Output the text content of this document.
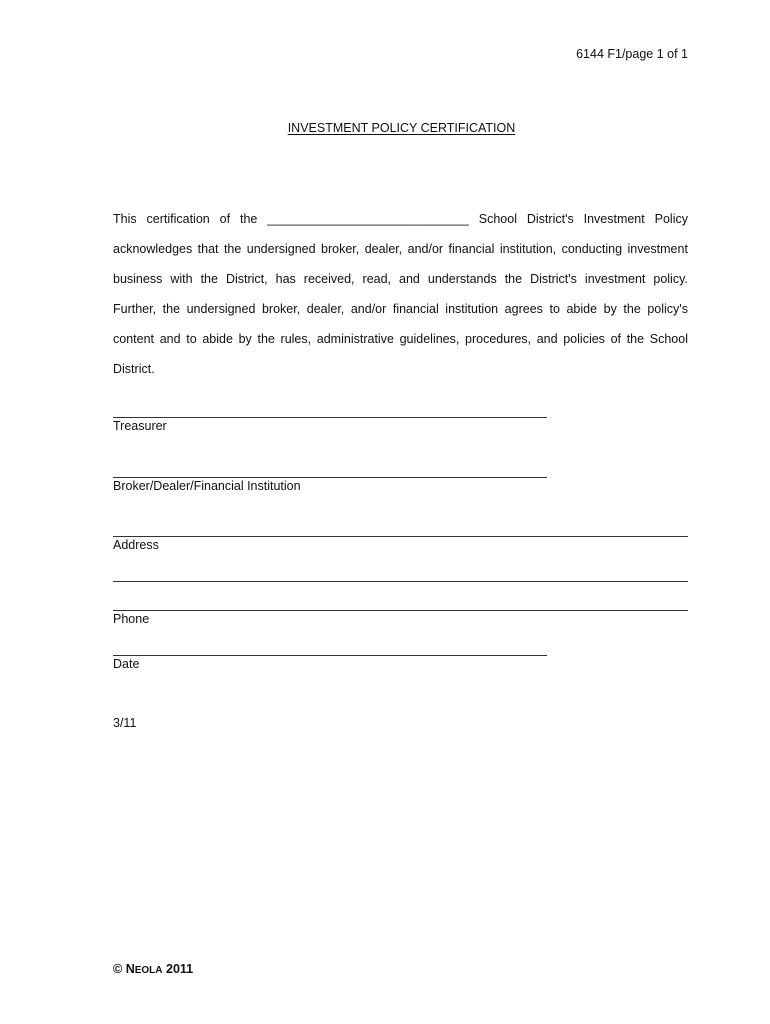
6144 F1/page 1 of 1
INVESTMENT POLICY CERTIFICATION
This certification of the _____________________________ School District's Investment Policy
acknowledges that the undersigned broker, dealer, and/or financial institution, conducting investment
business with the District, has received, read, and understands the District's investment policy.
Further, the undersigned broker, dealer, and/or financial institution agrees to abide by the policy's
content and to abide by the rules, administrative guidelines, procedures, and policies of the School
District.
Treasurer
Broker/Dealer/Financial Institution
Address
Phone
Date
3/11
© NEOLA 2011
